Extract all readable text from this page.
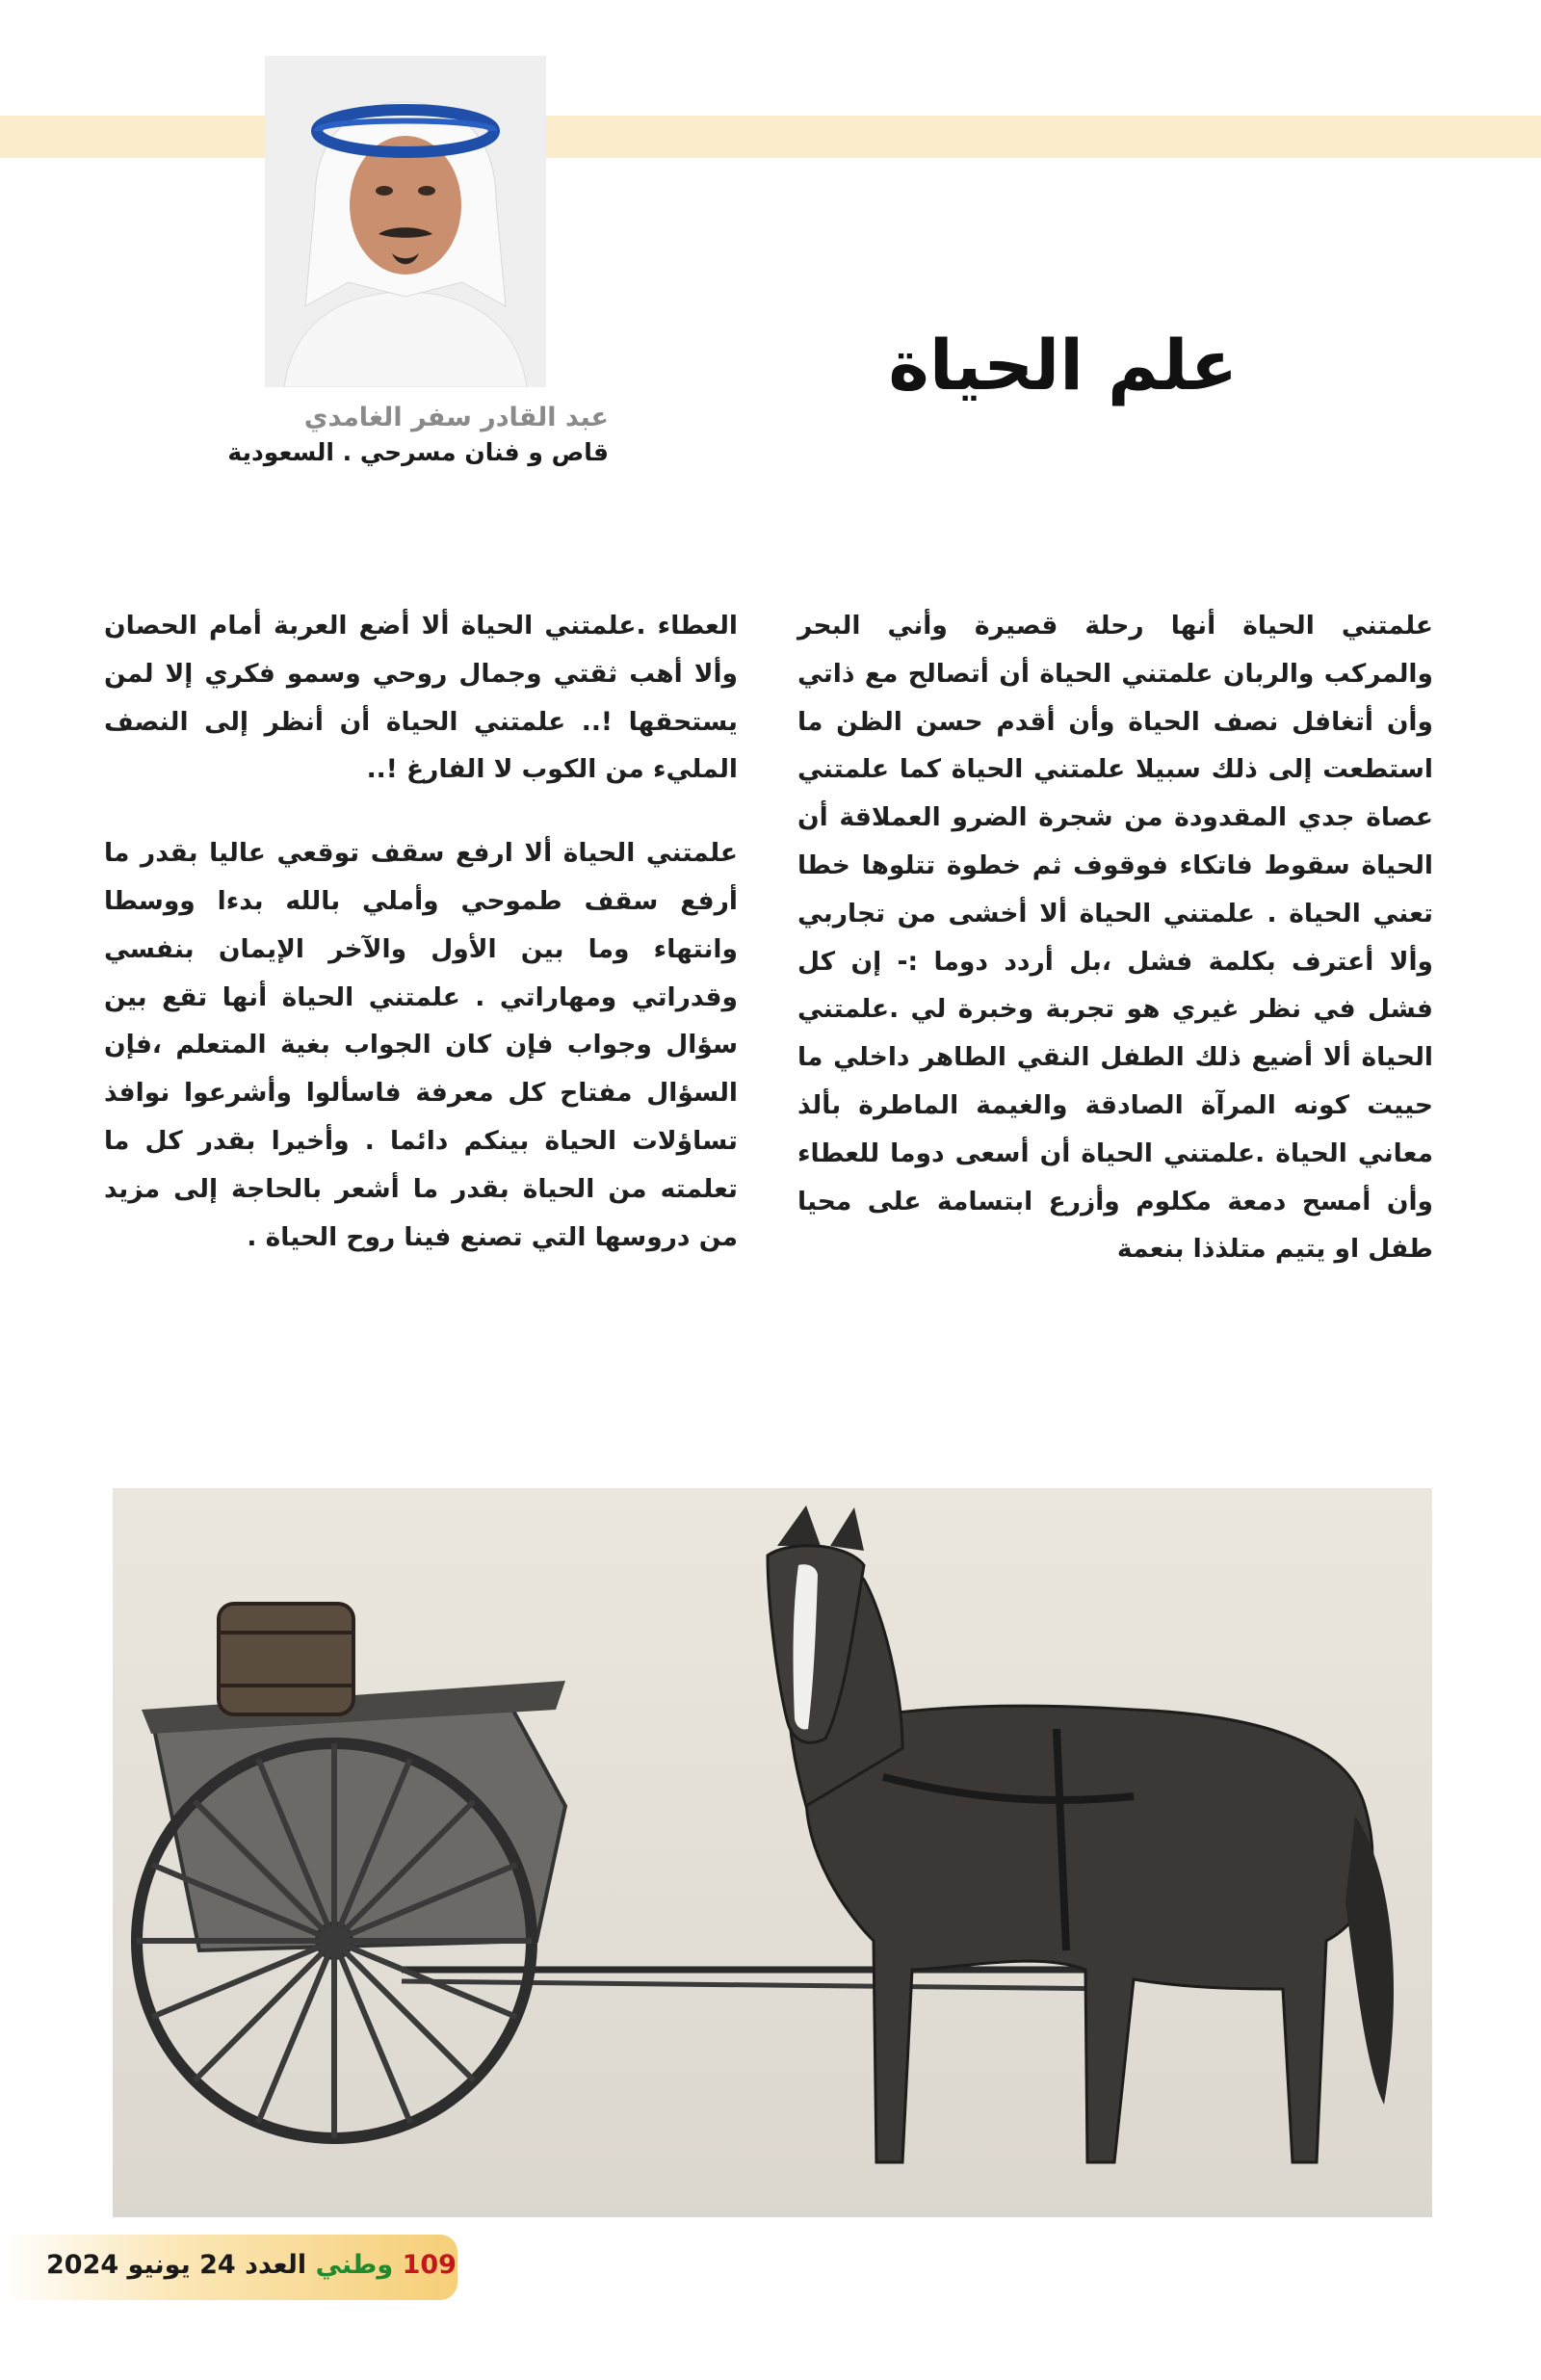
عبد القادر سفر الغامدي
قاص و فنان مسرحي . السعودية
علم الحياة

علمتني الحياة أنها رحلة قصيرة وأني البحر والمركب والربان علمتني الحياة أن أتصالح مع ذاتي وأن أتغافل نصف الحياة وأن أقدم حسن الظن ما استطعت إلى ذلك سبيلا علمتني الحياة كما علمتني عصاة جدي المقدودة من شجرة الضرو العملاقة أن الحياة سقوط فاتكاء فوقوف ثم خطوة تتلوها خطا تعني الحياة . علمتني الحياة ألا أخشى من تجاربي وألا أعترف بكلمة فشل ،بل أردد دوما :- إن كل فشل في نظر غيري هو تجربة وخبرة لي .علمتني الحياة ألا أضيع ذلك الطفل النقي الطاهر داخلي ما حييت كونه المرآة الصادقة والغيمة الماطرة بألذ معاني الحياة .علمتني الحياة أن أسعى دوما للعطاء وأن أمسح دمعة مكلوم وأزرع ابتسامة على محيا طفل او يتيم متلذذا بنعمة

العطاء .علمتني الحياة ألا أضع العربة أمام الحصان وألا أهب ثقتي وجمال روحي وسمو فكري إلا لمن يستحقها !.. علمتني الحياة أن أنظر إلى النصف المليء من الكوب لا الفارغ !..

علمتني الحياة ألا ارفع سقف توقعي عاليا بقدر ما أرفع سقف طموحي وأملي بالله بدءا ووسطا وانتهاء وما بين الأول والآخر الإيمان بنفسي وقدراتي ومهاراتي . علمتني الحياة أنها تقع بين سؤال وجواب فإن كان الجواب بغية المتعلم ،فإن السؤال مفتاح كل معرفة فاسألوا وأشرعوا نوافذ تساؤلات الحياة بينكم دائما . وأخيرا بقدر كل ما تعلمته من الحياة بقدر ما أشعر بالحاجة إلى مزيد من دروسها التي تصنع فينا روح الحياة .

109 وطني العدد 24 يونيو 2024
